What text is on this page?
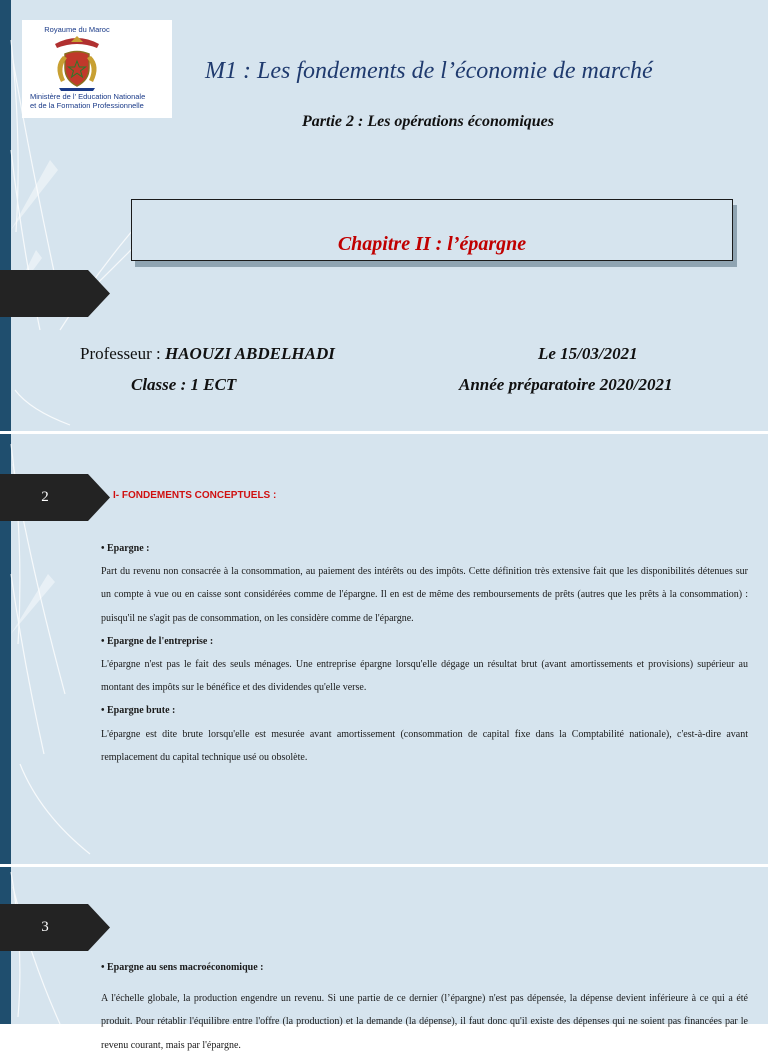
Royaume du Maroc
Ministère de l' Education Nationale
et de la Formation Professionnelle
M1 : Les fondements de l’économie de marché
Partie 2 : Les opérations économiques
Chapitre II : l’épargne
Professeur : HAOUZI ABDELHADI	Le 15/03/2021
Classe : 1 ECT	Année préparatoire 2020/2021
2	I- FONDEMENTS CONCEPTUELS :

• Epargne :

Part du revenu non consacrée à la consommation, au paiement des intérêts ou des impôts. Cette définition très extensive fait que les disponibilités détenues sur un compte à vue ou en caisse sont considérées comme de l'épargne. Il en est de même des remboursements de prêts (autres que les prêts à la consommation) : puisqu'il ne s'agit pas de consommation, on les considère comme de l'épargne.

• Epargne de l'entreprise :

L'épargne n'est pas le fait des seuls ménages. Une entreprise épargne lorsqu'elle dégage un résultat brut (avant amortissements et provisions) supérieur au montant des impôts sur le bénéfice et des dividendes qu'elle verse.

• Epargne brute :

L'épargne est dite brute lorsqu'elle est mesurée avant amortissement (consommation de capital fixe dans la Comptabilité nationale), c'est-à-dire avant remplacement du capital technique usé ou obsolète.

3

• Epargne au sens macroéconomique :

A l'échelle globale, la production engendre un revenu. Si une partie de ce dernier (l’épargne) n'est pas dépensée, la dépense devient inférieure à ce qui a été produit. Pour rétablir l'équilibre entre l'offre (la production) et la demande (la dépense), il faut donc qu'il existe des dépenses qui ne soient pas financées par le revenu courant, mais par l'épargne.
